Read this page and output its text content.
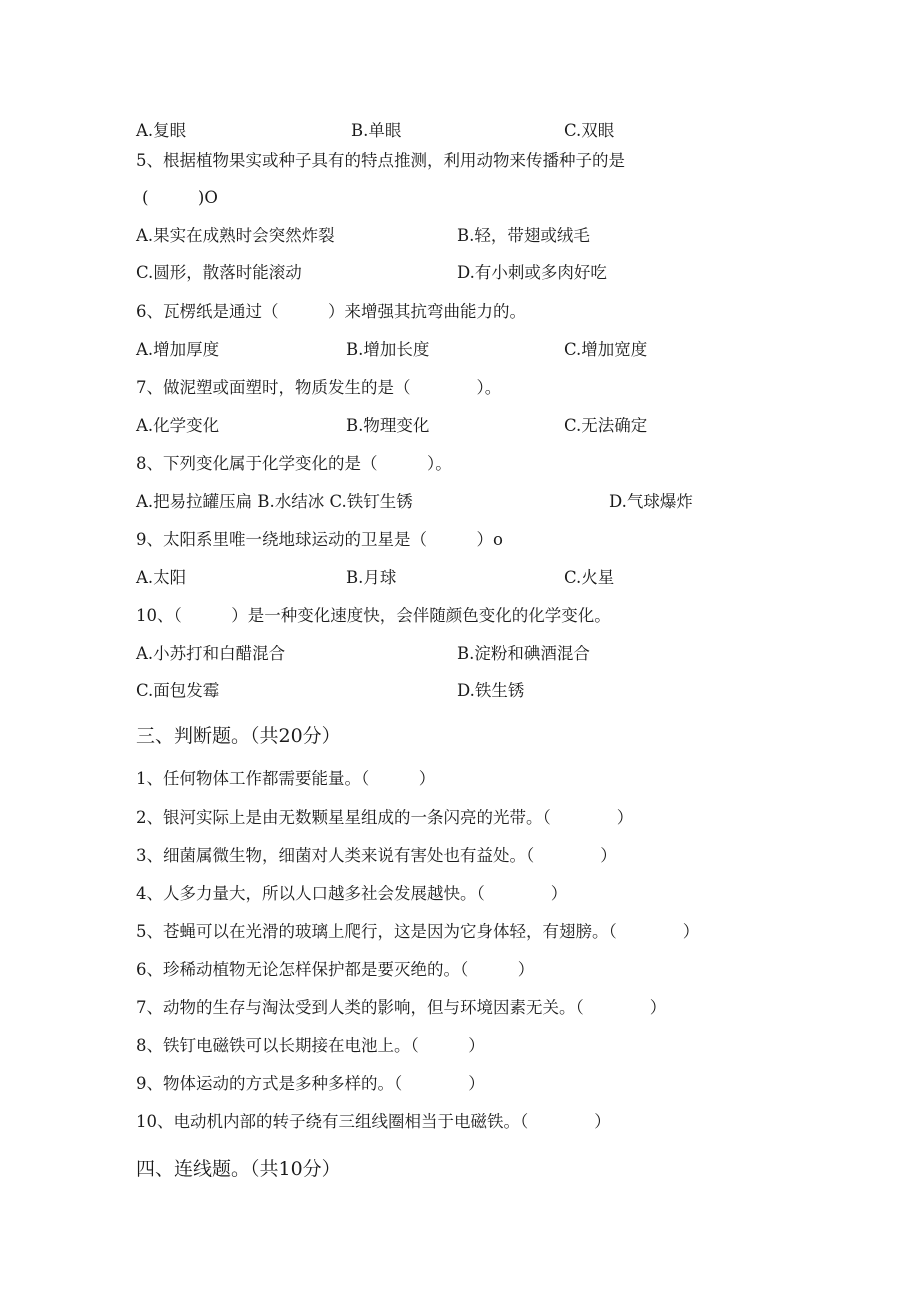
A.复眼	B.单眼	C.双眼
5、根据植物果实或种子具有的特点推测，利用动物来传播种子的是
(　　　)O
A.果实在成熟时会突然炸裂	B.轻，带翅或绒毛
C.圆形，散落时能滚动	D.有小刺或多肉好吃
6、瓦楞纸是通过（　　　）来增强其抗弯曲能力的。
A.增加厚度	B.增加长度	C.增加宽度
7、做泥塑或面塑时，物质发生的是（　　　　）。
A.化学变化	B.物理变化	C.无法确定
8、下列变化属于化学变化的是（　　　）。
A.把易拉罐压扁 B.水结冰 C.铁钉生锈	D.气球爆炸
9、太阳系里唯一绕地球运动的卫星是（　　　）o
A.太阳	B.月球	C.火星
10、（　　　）是一种变化速度快，会伴随颜色变化的化学变化。
A.小苏打和白醋混合	B.淀粉和碘酒混合
C.面包发霉	D.铁生锈
三、判断题。（共20分）
1、任何物体工作都需要能量。（　　　）
2、银河实际上是由无数颗星星组成的一条闪亮的光带。（　　　　）
3、细菌属微生物，细菌对人类来说有害处也有益处。（　　　　）
4、人多力量大，所以人口越多社会发展越快。（　　　　）
5、苍蝇可以在光滑的玻璃上爬行，这是因为它身体轻，有翅膀。（　　　　）
6、珍稀动植物无论怎样保护都是要灭绝的。（　　　）
7、动物的生存与淘汰受到人类的影响，但与环境因素无关。（　　　　）
8、铁钉电磁铁可以长期接在电池上。（　　　）
9、物体运动的方式是多种多样的。（　　　　）
10、电动机内部的转子绕有三组线圈相当于电磁铁。（　　　　）
四、连线题。（共10分）
